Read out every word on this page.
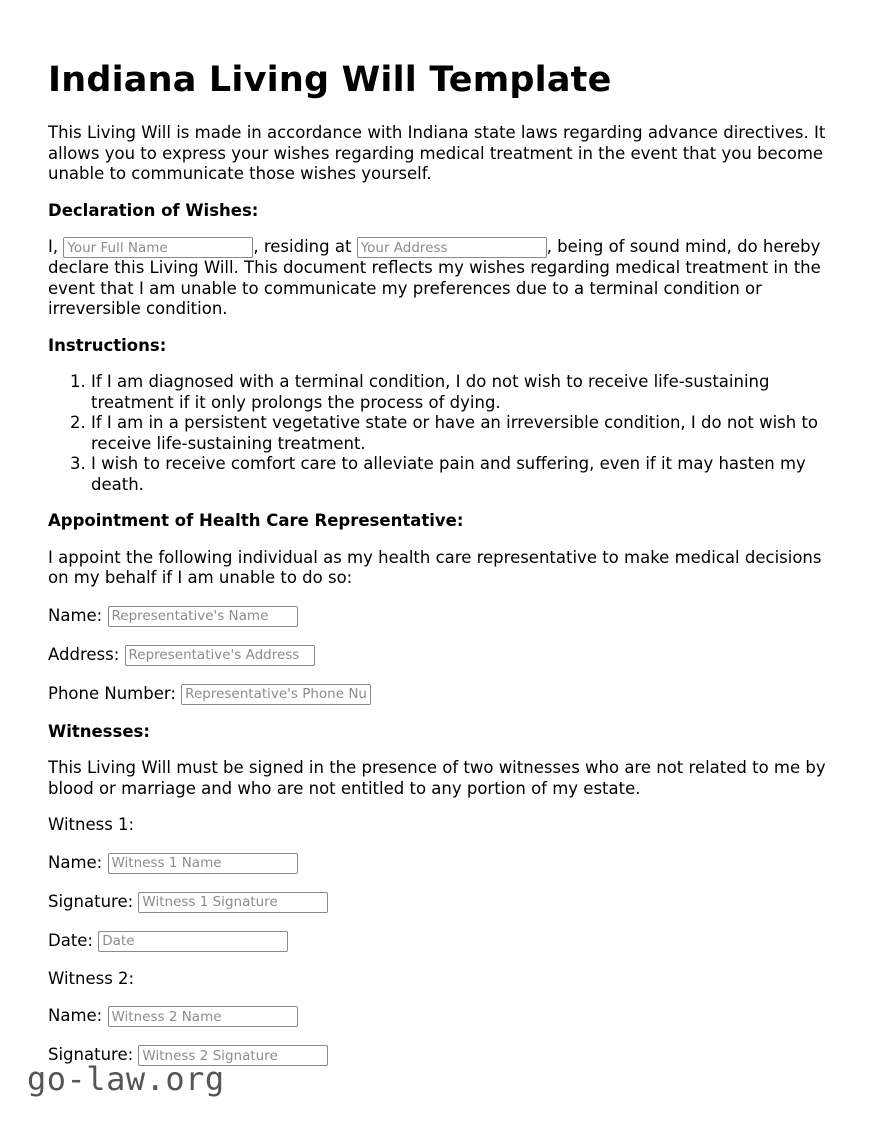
Indiana Living Will Template

This Living Will is made in accordance with Indiana state laws regarding advance directives. It allows you to express your wishes regarding medical treatment in the event that you become unable to communicate those wishes yourself.

Declaration of Wishes:

I, Your Full Name	, residing at Your Address	, being of sound mind, do hereby declare this Living Will. This document reflects my wishes regarding medical treatment in the event that I am unable to communicate my preferences due to a terminal condition or irreversible condition.

Instructions:
1. If I am diagnosed with a terminal condition, I do not wish to receive life-sustaining treatment if it only prolongs the process of dying.
2. If I am in a persistent vegetative state or have an irreversible condition, I do not wish to receive life-sustaining treatment.
3. I wish to receive comfort care to alleviate pain and suffering, even if it may hasten my death.
Appointment of Health Care Representative:

I appoint the following individual as my health care representative to make medical decisions on my behalf if I am unable to do so:

Name: Representative's Name
Address: Representative's Address
Phone Number: Representative's Phone Number
Witnesses:

This Living Will must be signed in the presence of two witnesses who are not related to me by blood or marriage and who are not entitled to any portion of my estate.

Witness 1:

Name: Witness 1 Name
Signature: Witness 1 Signature
Date: Date

Witness 2:

Name: Witness 2 Name
Signature: Witness 2 Signature
go-law.org
